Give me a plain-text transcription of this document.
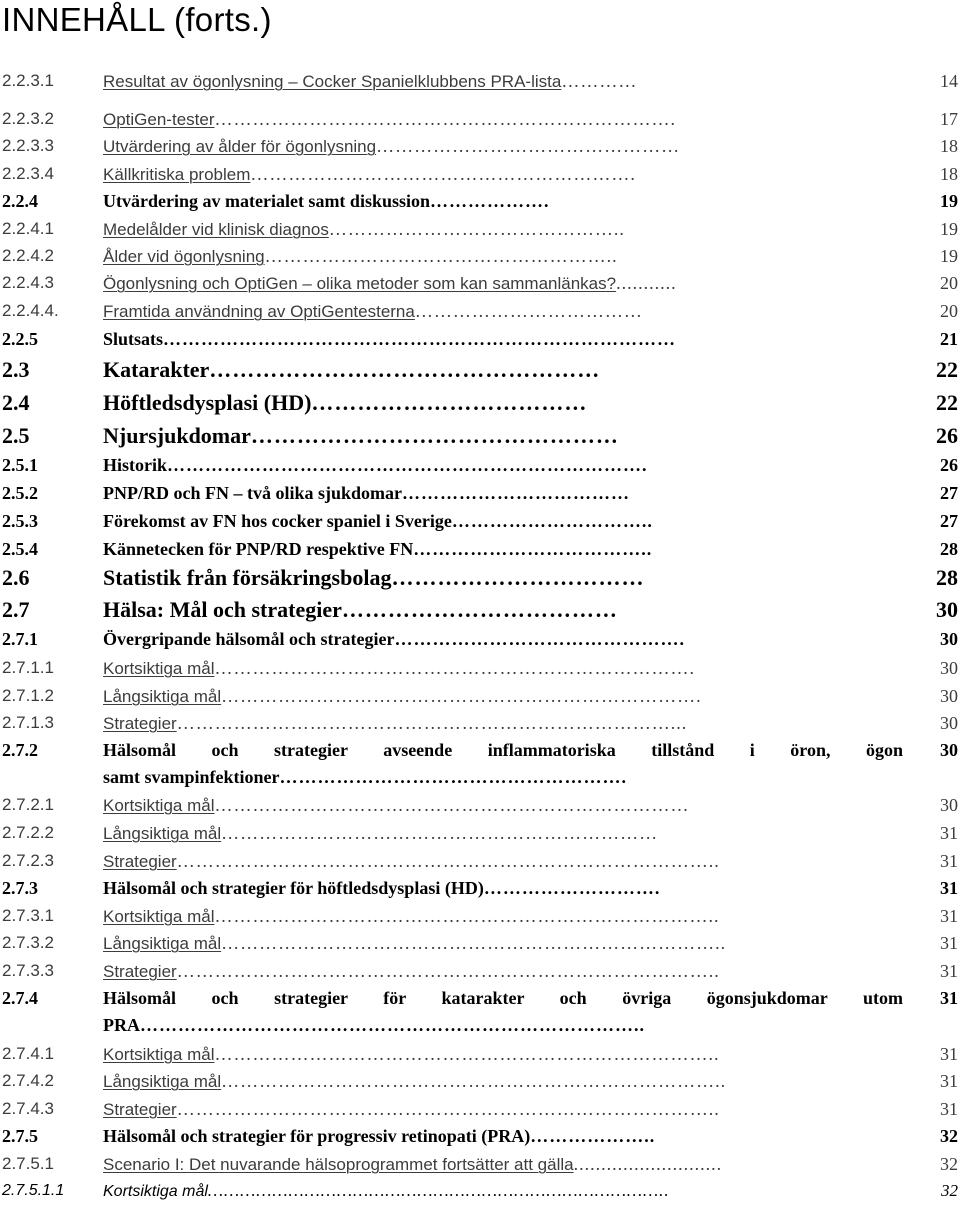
INNEHÅLL (forts.)
2.2.3.1	Resultat av ögonlysning – Cocker Spanielklubbens PRA-lista …………	14
2.2.3.2	OptiGen-tester ……………………………………………………………….	17
2.2.3.3	Utvärdering av ålder för ögonlysning …………………………………………	18
2.2.3.4	Källkritiska problem …………………………………………………….	18
2.2.4	Utvärdering av materialet samt diskussion ……………….	19
2.2.4.1	Medelålder vid klinisk diagnos ………………………………………..	19
2.2.4.2	Ålder vid ögonlysning ………………………………………………..	19
2.2.4.3	Ögonlysning och OptiGen – olika metoder som kan sammanlänkas? ...........	20
2.2.4.4.	Framtida användning av OptiGentesterna ………………………………	20
2.2.5	Slutsats ………………………………………………………………………	21
2.3	Katarakter ……………………………………………	22
2.4	Höftledsdysplasi (HD) ………………………………	22
2.5	Njursjukdomar …………………………………………	26
2.5.1	Historik ………………………………………………………………….	26
2.5.2	PNP/RD och FN – två olika sjukdomar ………………………………	27
2.5.3	Förekomst av FN hos cocker spaniel i Sverige …………………………..	27
2.5.4	Kännetecken för PNP/RD respektive FN ………………………………..	28
2.6	Statistik från försäkringsbolag ……………………………	28
2.7	Hälsa: Mål och strategier ………………………………	30
2.7.1	Övergripande hälsomål och strategier ……………………………………….	30
2.7.1.1	Kortsiktiga mål ………………………………………………………………….	30
2.7.1.2	Långsiktiga mål ………………………………………………………………….	30
2.7.1.3	Strategier ……………………………………………………………………...	30
2.7.2	Hälsomål och strategier avseende inflammatoriska tillstånd i öron, ögon
samt svampinfektioner ……………………………………………….
30
2.7.2.1	Kortsiktiga mål …………………………………………………………………	30
2.7.2.2	Långsiktiga mål ……………………………………………………………	31
2.7.2.3	Strategier …………………………………………………………………………..	31
2.7.3	Hälsomål och strategier för höftledsdysplasi (HD) ……………………….	31
2.7.3.1	Kortsiktiga mål ……………………………………………………………………..	31
2.7.3.2	Långsiktiga mål ……………………………………………………………………..	31
2.7.3.3	Strategier …………………………………………………………………………..	31
2.7.4	Hälsomål och strategier för katarakter och övriga ögonsjukdomar utom
PRA ……………………………………………………………………..
31
2.7.4.1	Kortsiktiga mål ……………………………………………………………………..	31
2.7.4.2	Långsiktiga mål ……………………………………………………………………..	31
2.7.4.3	Strategier …………………………………………………………………………..	31
2.7.5	Hälsomål och strategier för progressiv retinopati (PRA) ………………..	32
2.7.5.1	Scenario I: Det nuvarande hälsoprogrammet fortsätter att gälla ...........................	32
2.7.5.1.1 Kortsiktiga mål …………………………………………………………………………..	32
